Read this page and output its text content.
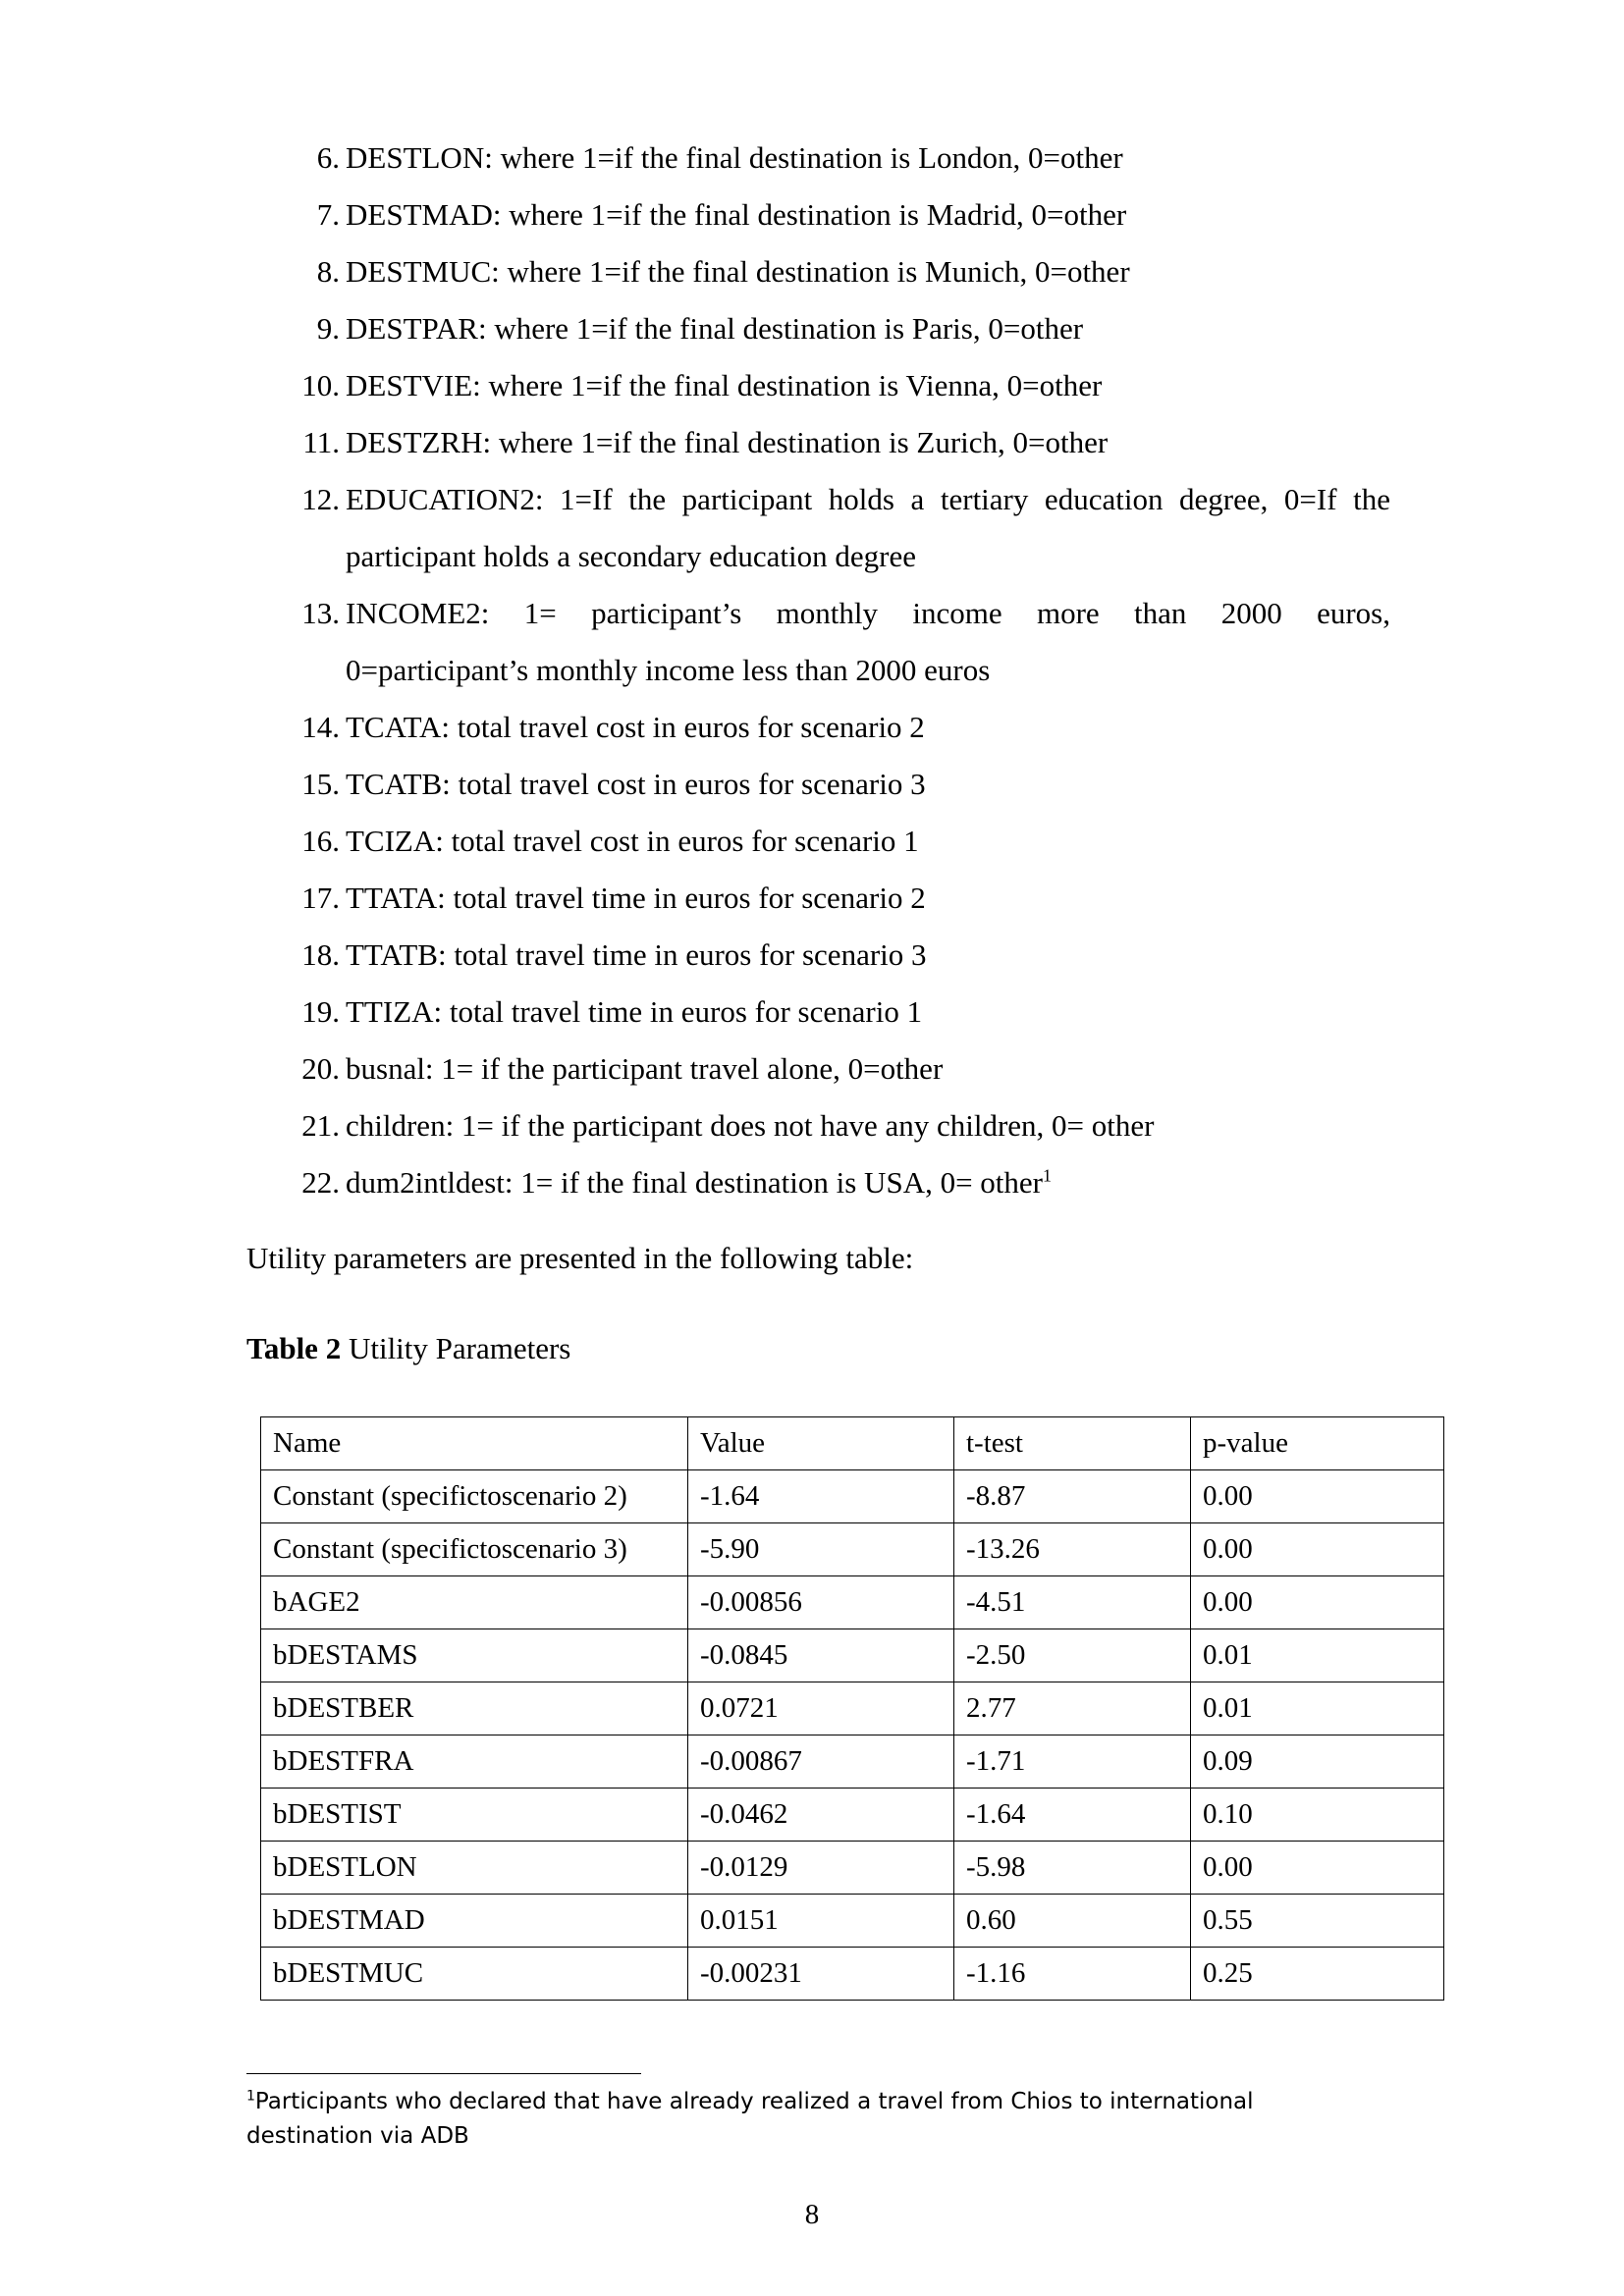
6 . DESTLON: where 1=if the final destination is London, 0=other
7 . DESTMAD: where 1=if the final destination is Madrid, 0=other
8 . DESTMUC: where 1=if the final destination is Munich, 0=other
9 . DESTPAR: where 1=if the final destination is Paris, 0=other
10 . DESTVIE: where 1=if the final destination is Vienna, 0=other
11 . DESTZRH: where 1=if the final destination is Zurich, 0=other
12 . EDUCATION2: 1=If the participant holds a tertiary education degree, 0=If the participant holds a secondary education degree
13 . INCOME2: 1= participant’s monthly income more than 2000 euros,
0=participant’s monthly income less than 2000 euros
14 . TCATA: total travel cost in euros for scenario 2
15 . TCATB: total travel cost in euros for scenario 3
16 . TCIZA: total travel cost in euros for scenario 1
17 . TTATA: total travel time in euros for scenario 2
18 . TTATB: total travel time in euros for scenario 3
19 . TTIZA: total travel time in euros for scenario 1
20 . busnal: 1= if the participant travel alone, 0=other
21 . children: 1= if the participant does not have any children, 0= other
22 . dum2intldest: 1= if the final destination is USA, 0= other$^1$
Utility parameters are presented in the following table:
Table 2 Utility Parameters
Name	Value	t-test	p-value
Constant (specifictoscenario 2)	-1.64	-8.87	0.00
Constant (specifictoscenario 3)	-5.90	-13.26	0.00
bAGE2	-0.00856	-4.51	0.00
bDESTAMS	-0.0845	-2.50	0.01
bDESTBER	0.0721	2.77	0.01
bDESTFRA	-0.00867	-1.71	0.09
bDESTIST	-0.0462	-1.64	0.10
bDESTLON	-0.0129	-5.98	0.00
bDESTMAD	0.0151	0.60	0.55
bDESTMUC	-0.00231	-1.16	0.25
$^1$Participants who declared that have already realized a travel from Chios to international destination via ADB
8
